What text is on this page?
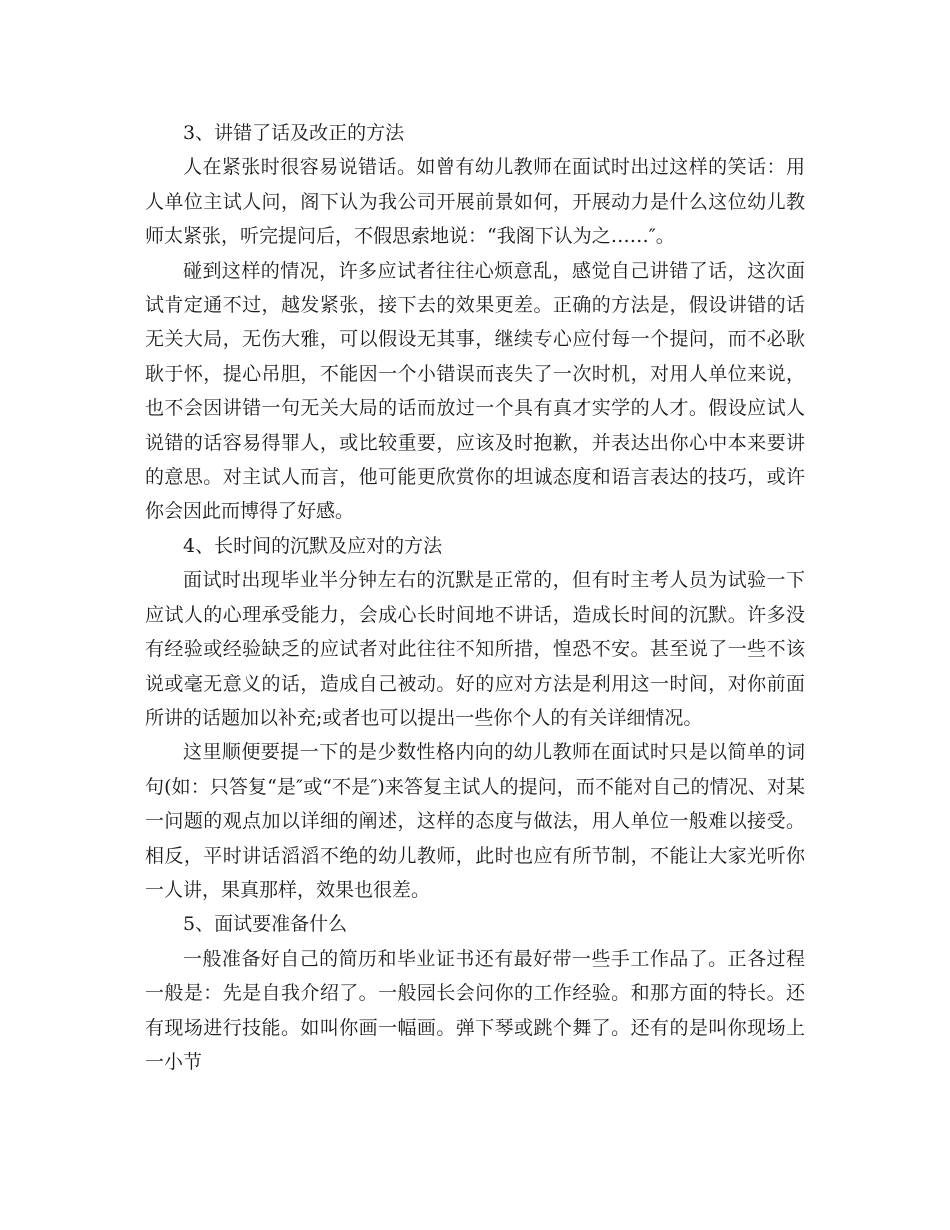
3、讲错了话及改正的方法

人在紧张时很容易说错话。如曾有幼儿教师在面试时出过这样的笑话：用人单位主试人问，阁下认为我公司开展前景如何，开展动力是什么这位幼儿教师太紧张，听完提问后，不假思索地说：“我阁下认为之……″。

碰到这样的情况，许多应试者往往心烦意乱，感觉自己讲错了话，这次面试肯定通不过，越发紧张，接下去的效果更差。正确的方法是，假设讲错的话无关大局，无伤大雅，可以假设无其事，继续专心应付每一个提问，而不必耿耿于怀，提心吊胆，不能因一个小错误而丧失了一次时机，对用人单位来说，也不会因讲错一句无关大局的话而放过一个具有真才实学的人才。假设应试人说错的话容易得罪人，或比较重要，应该及时抱歉，并表达出你心中本来要讲的意思。对主试人而言，他可能更欣赏你的坦诚态度和语言表达的技巧，或许你会因此而博得了好感。

4、长时间的沉默及应对的方法

面试时出现毕业半分钟左右的沉默是正常的，但有时主考人员为试验一下应试人的心理承受能力，会成心长时间地不讲话，造成长时间的沉默。许多没有经验或经验缺乏的应试者对此往往不知所措，惶恐不安。甚至说了一些不该说或毫无意义的话，造成自己被动。好的应对方法是利用这一时间，对你前面所讲的话题加以补充;或者也可以提出一些你个人的有关详细情况。

这里顺便要提一下的是少数性格内向的幼儿教师在面试时只是以简单的词句(如：只答复“是″或“不是″)来答复主试人的提问，而不能对自己的情况、对某一问题的观点加以详细的阐述，这样的态度与做法，用人单位一般难以接受。相反，平时讲话滔滔不绝的幼儿教师，此时也应有所节制，不能让大家光听你一人讲，果真那样，效果也很差。

5、面试要准备什么

一般准备好自己的简历和毕业证书还有最好带一些手工作品了。正各过程一般是：先是自我介绍了。一般园长会问你的工作经验。和那方面的特长。还有现场进行技能。如叫你画一幅画。弹下琴或跳个舞了。还有的是叫你现场上一小节
